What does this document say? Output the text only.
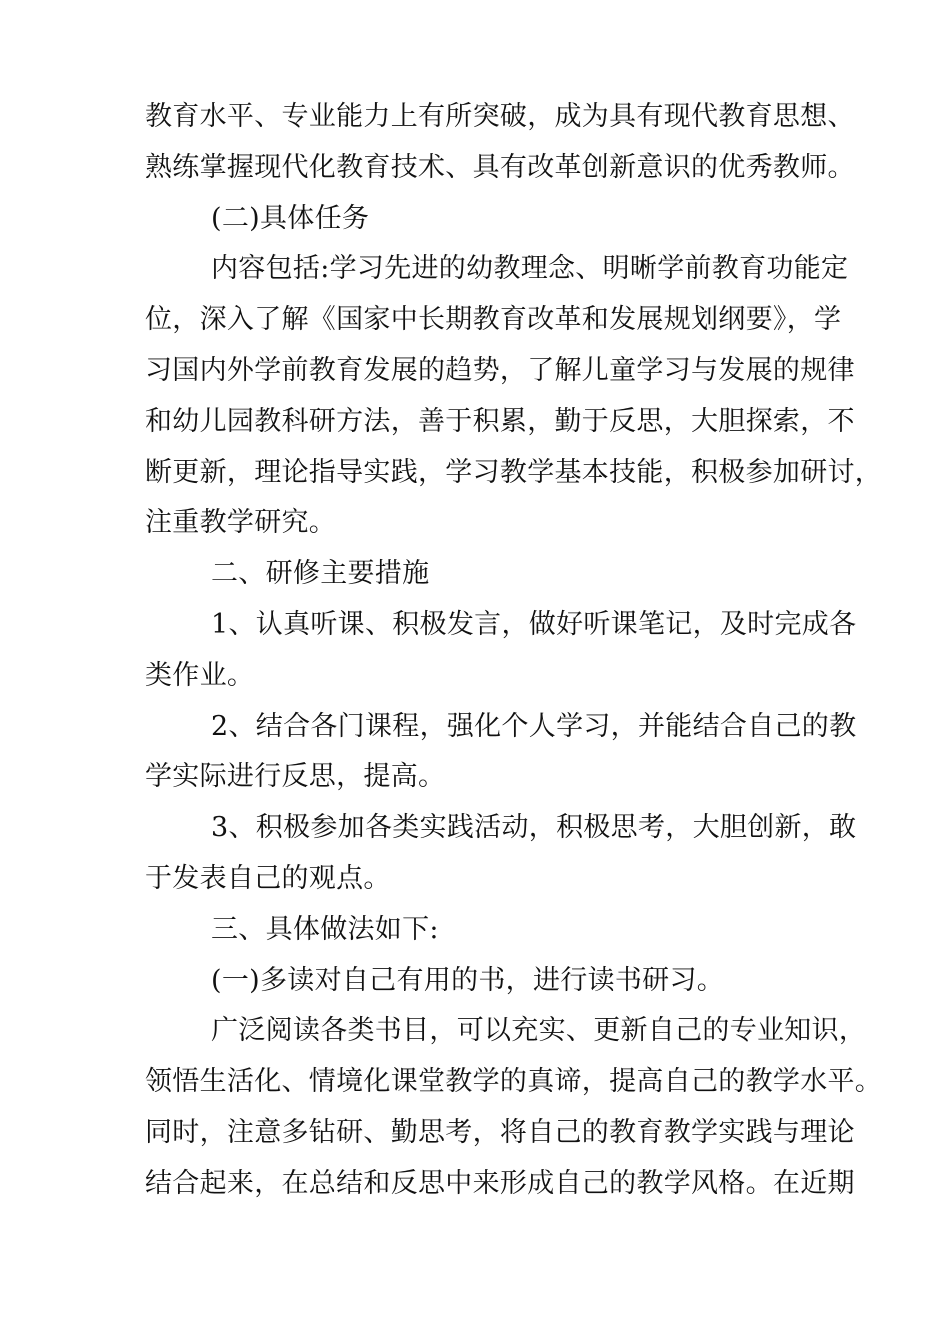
教育水平、专业能力上有所突破，成为具有现代教育思想、
熟练掌握现代化教育技术、具有改革创新意识的优秀教师。
(二)具体任务
内容包括:学习先进的幼教理念、明晰学前教育功能定
位，深入了解《国家中长期教育改革和发展规划纲要》，学
习国内外学前教育发展的趋势，了解儿童学习与发展的规律
和幼儿园教科研方法，善于积累，勤于反思，大胆探索，不
断更新，理论指导实践，学习教学基本技能，积极参加研讨，
注重教学研究。
二、研修主要措施
1、认真听课、积极发言，做好听课笔记，及时完成各
类作业。
2、结合各门课程，强化个人学习，并能结合自己的教
学实际进行反思，提高。
3、积极参加各类实践活动，积极思考，大胆创新，敢
于发表自己的观点。
三、具体做法如下:
(一)多读对自己有用的书，进行读书研习。
广泛阅读各类书目，可以充实、更新自己的专业知识，
领悟生活化、情境化课堂教学的真谛，提高自己的教学水平。
同时，注意多钻研、勤思考，将自己的教育教学实践与理论
结合起来，在总结和反思中来形成自己的教学风格。在近期
